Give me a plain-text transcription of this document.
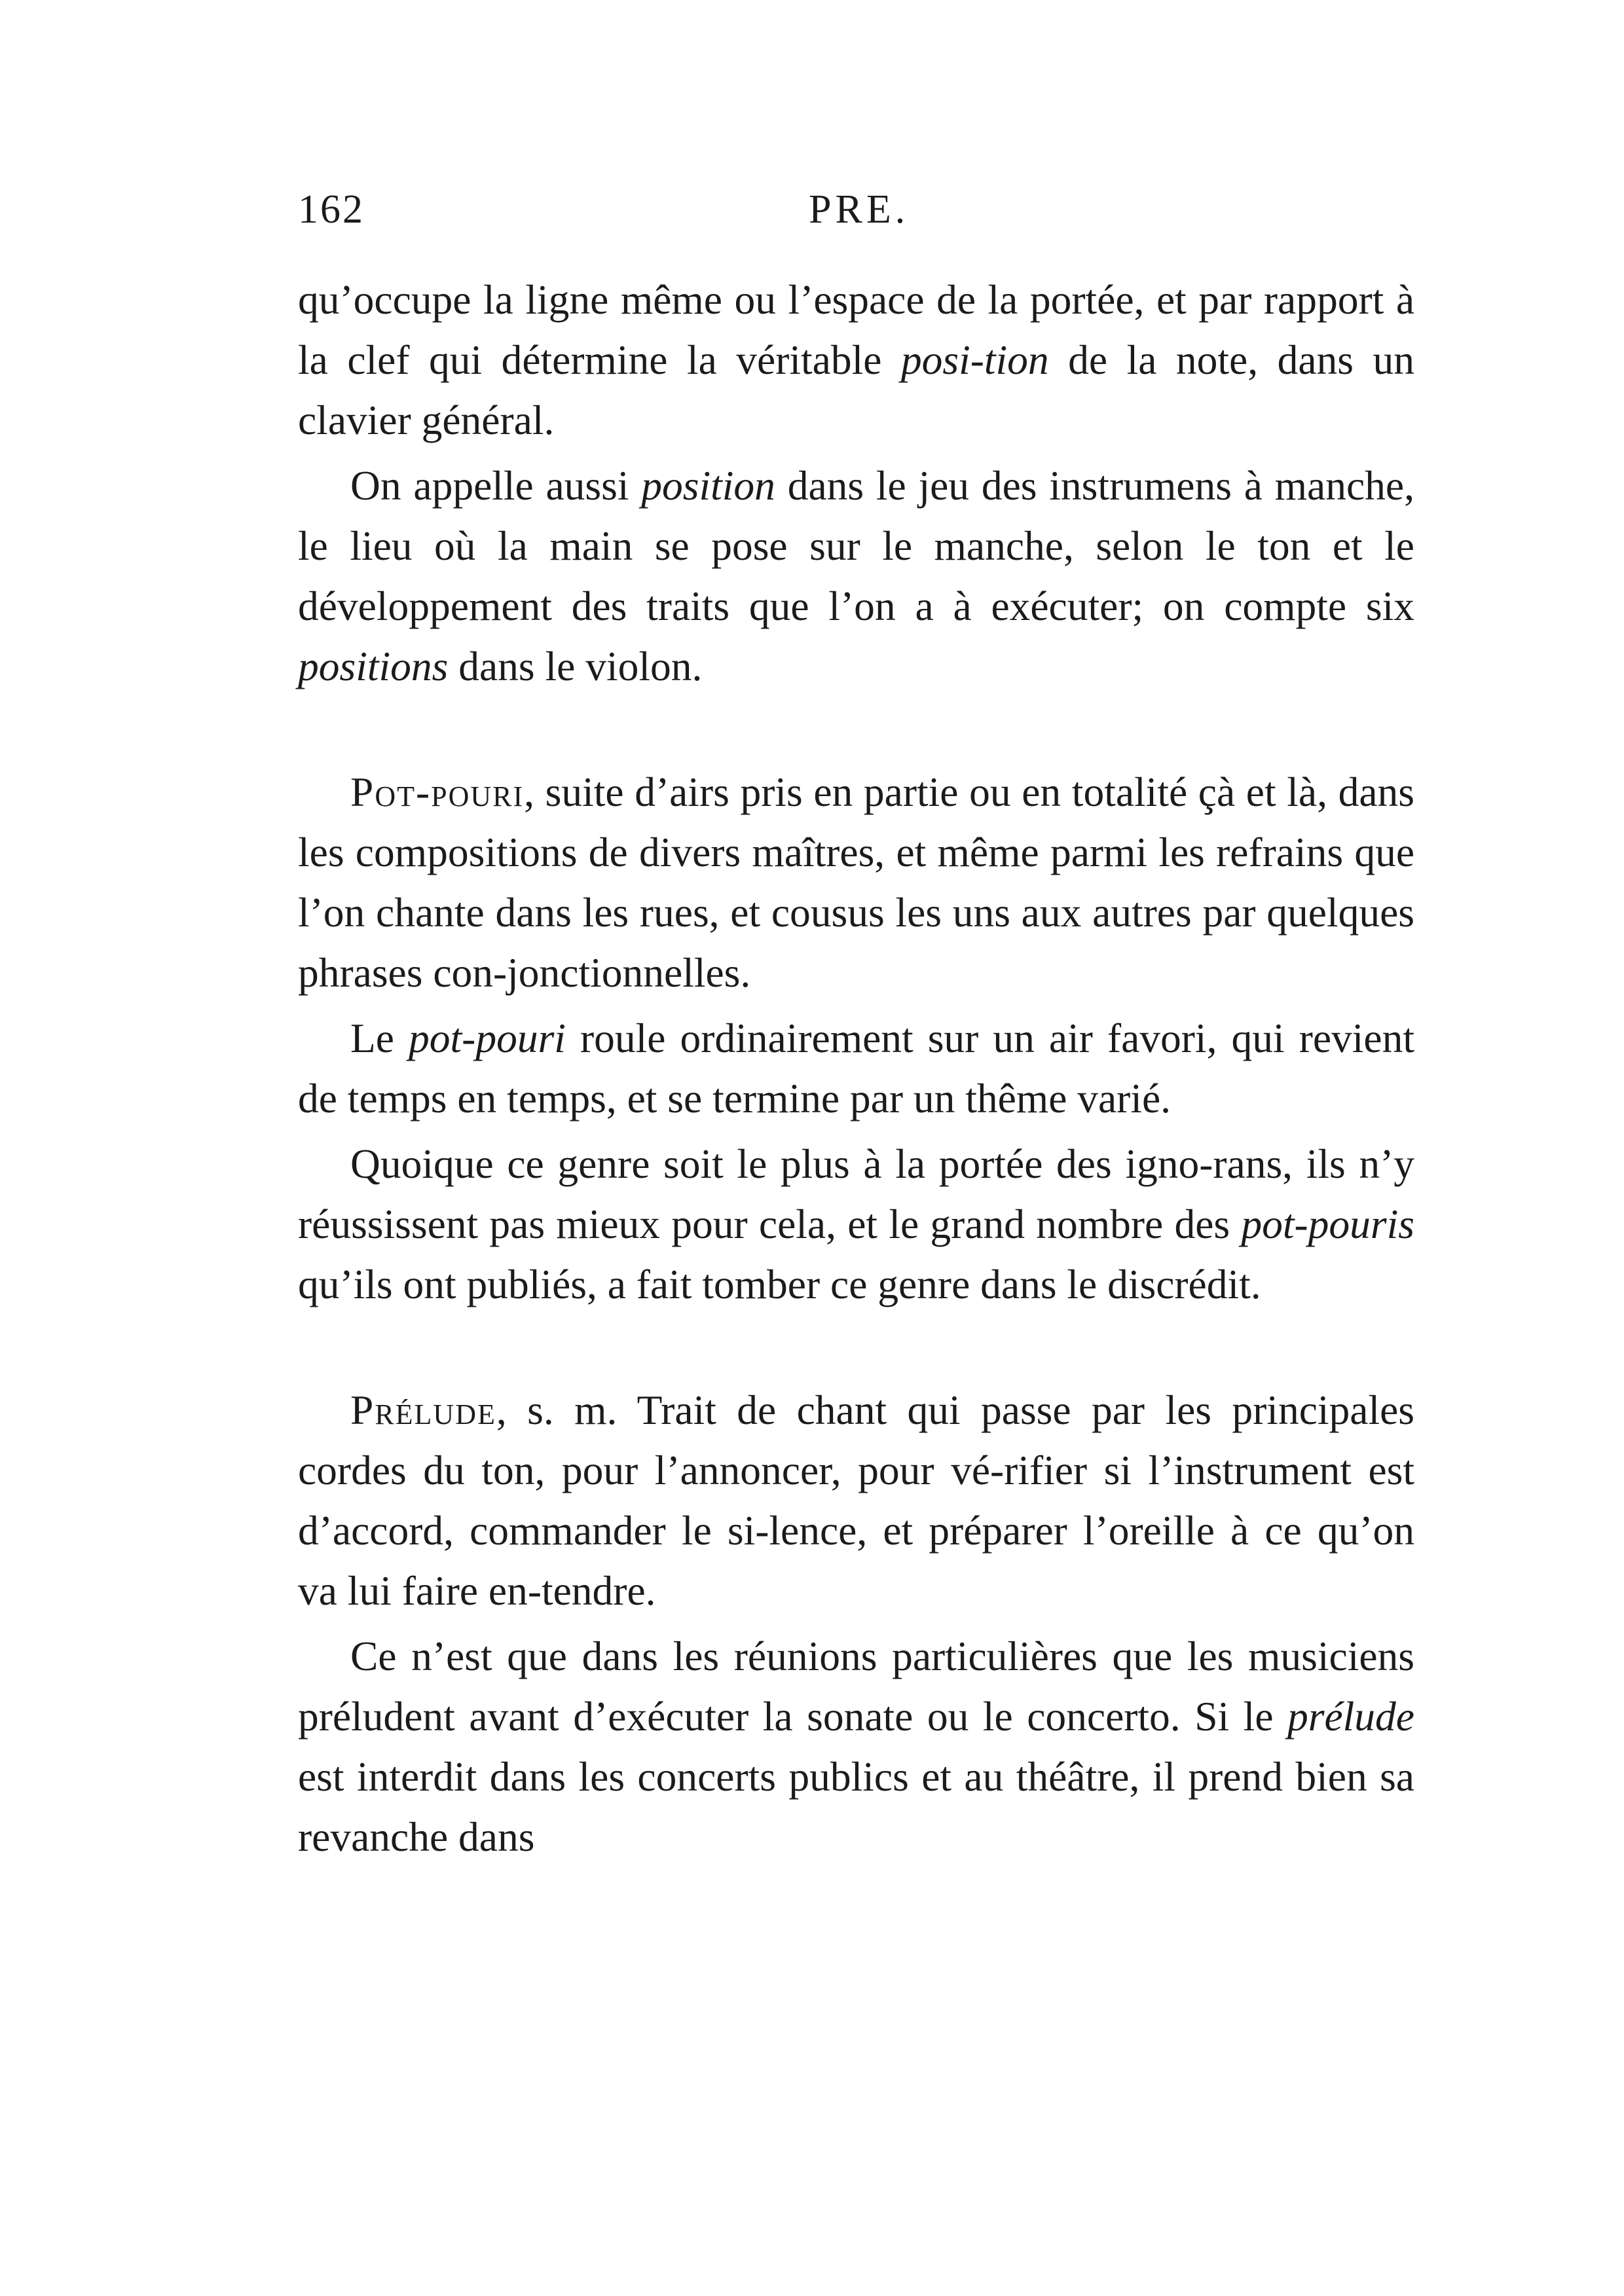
162	PRE.

qu’occupe la ligne même ou l’espace de la portée, et par rapport à la clef qui détermine la véritable posi-tion de la note, dans un clavier général.

On appelle aussi position dans le jeu des instrumens à manche, le lieu où la main se pose sur le manche, selon le ton et le développement des traits que l’on a à exécuter; on compte six positions dans le violon.

Pot-pouri, suite d’airs pris en partie ou en totalité çà et là, dans les compositions de divers maîtres, et même parmi les refrains que l’on chante dans les rues, et cousus les uns aux autres par quelques phrases con-jonctionnelles.

Le pot-pouri roule ordinairement sur un air favori, qui revient de temps en temps, et se termine par un thême varié.

Quoique ce genre soit le plus à la portée des igno-rans, ils n’y réussissent pas mieux pour cela, et le grand nombre des pot-pouris qu’ils ont publiés, a fait tomber ce genre dans le discrédit.

Prélude, s. m. Trait de chant qui passe par les principales cordes du ton, pour l’annoncer, pour vé-rifier si l’instrument est d’accord, commander le si-lence, et préparer l’oreille à ce qu’on va lui faire en-tendre.

Ce n’est que dans les réunions particulières que les musiciens préludent avant d’exécuter la sonate ou le concerto. Si le prélude est interdit dans les concerts publics et au théâtre, il prend bien sa revanche dans
